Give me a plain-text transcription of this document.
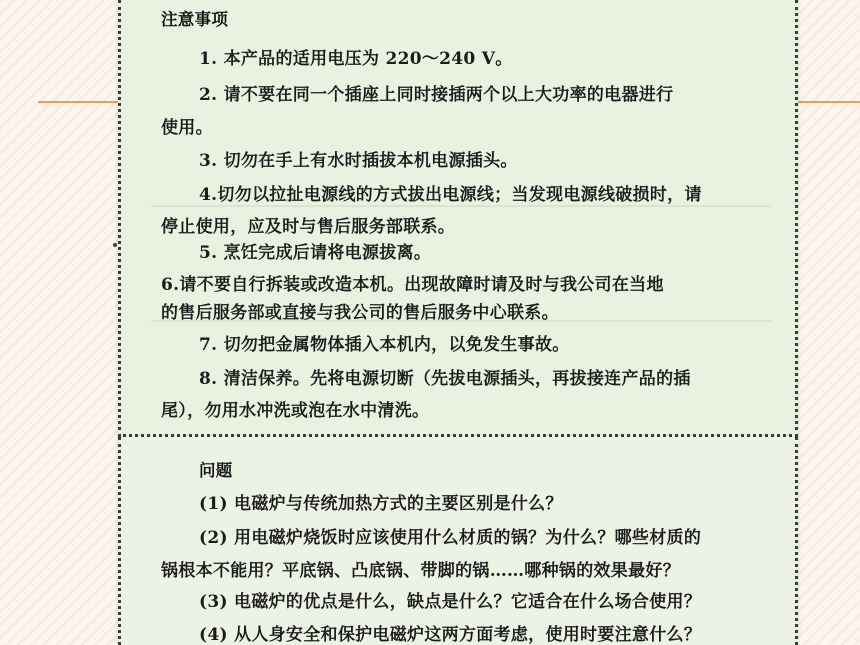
注意事项
1. 本产品的适用电压为 220～240 V。
2. 请不要在同一个插座上同时接插两个以上大功率的电器进行
使用。
3. 切勿在手上有水时插拔本机电源插头。
4.切勿以拉扯电源线的方式拔出电源线；当发现电源线破损时，请
停止使用，应及时与售后服务部联系。
5. 烹饪完成后请将电源拔离。
6.请不要自行拆装或改造本机。出现故障时请及时与我公司在当地
的售后服务部或直接与我公司的售后服务中心联系。
7. 切勿把金属物体插入本机内，以免发生事故。
8. 清洁保养。先将电源切断（先拔电源插头，再拔接连产品的插
尾），勿用水冲洗或泡在水中清洗。
问题
(1) 电磁炉与传统加热方式的主要区别是什么？
(2) 用电磁炉烧饭时应该使用什么材质的锅？为什么？哪些材质的
锅根本不能用？平底锅、凸底锅、带脚的锅……哪种锅的效果最好？
(3) 电磁炉的优点是什么，缺点是什么？它适合在什么场合使用？
(4) 从人身安全和保护电磁炉这两方面考虑，使用时要注意什么？
